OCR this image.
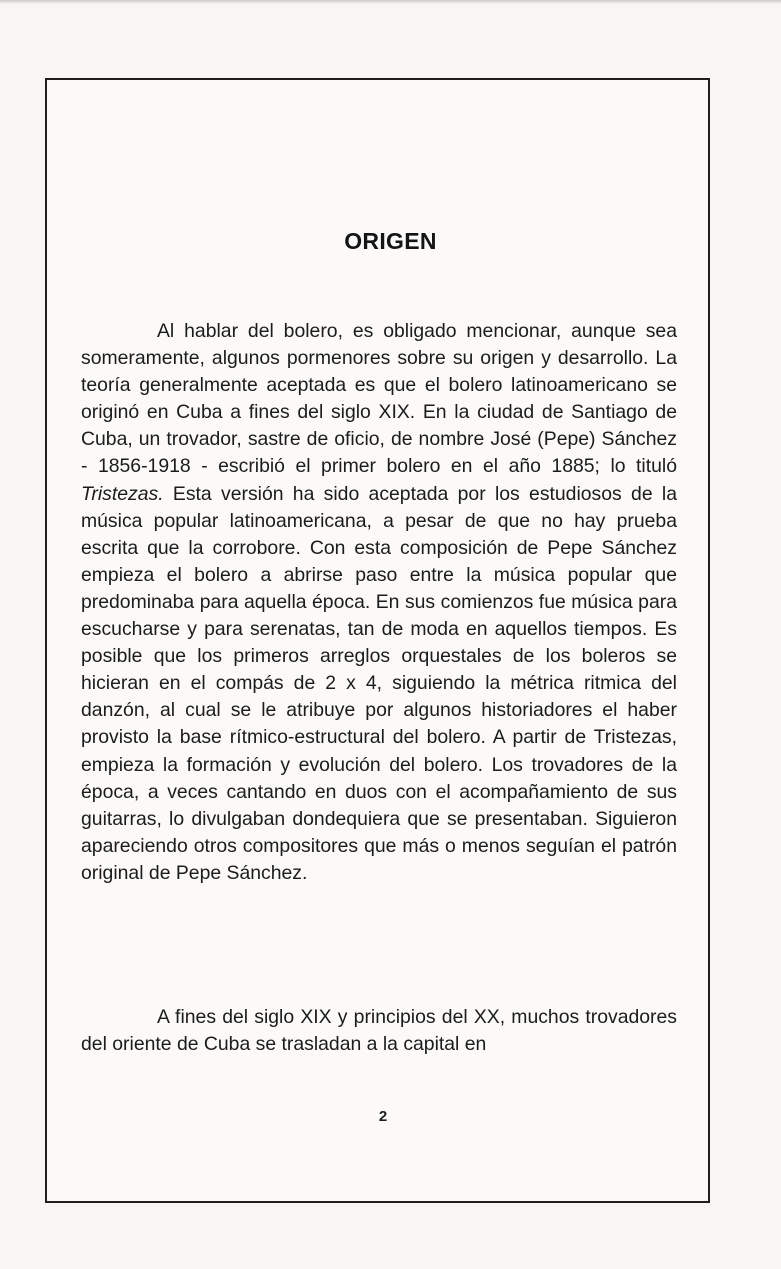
ORIGEN

Al hablar del bolero, es obligado mencionar, aunque sea someramente, algunos pormenores sobre su origen y desarrollo. La teoría generalmente aceptada es que el bolero latinoamericano se originó en Cuba a fines del siglo XIX. En la ciudad de Santiago de Cuba, un trovador, sastre de oficio, de nombre José (Pepe) Sánchez - 1856-1918 - escribió el primer bolero en el año 1885; lo tituló Tristezas. Esta versión ha sido aceptada por los estudiosos de la música popular latinoamericana, a pesar de que no hay prueba escrita que la corrobore. Con esta composición de Pepe Sánchez empieza el bolero a abrirse paso entre la música popular que predominaba para aquella época. En sus comienzos fue música para escucharse y para serenatas, tan de moda en aquellos tiempos. Es posible que los primeros arreglos orquestales de los boleros se hicieran en el compás de 2 x 4, siguiendo la métrica ritmica del danzón, al cual se le atribuye por algunos historiadores el haber provisto la base rítmico-estructural del bolero. A partir de Tristezas, empieza la formación y evolución del bolero. Los trovadores de la época, a veces cantando en duos con el acompañamiento de sus guitarras, lo divulgaban dondequiera que se presentaban. Siguieron apareciendo otros compositores que más o menos seguían el patrón original de Pepe Sánchez.

A fines del siglo XIX y principios del XX, muchos trovadores del oriente de Cuba se trasladan a la capital en

2
